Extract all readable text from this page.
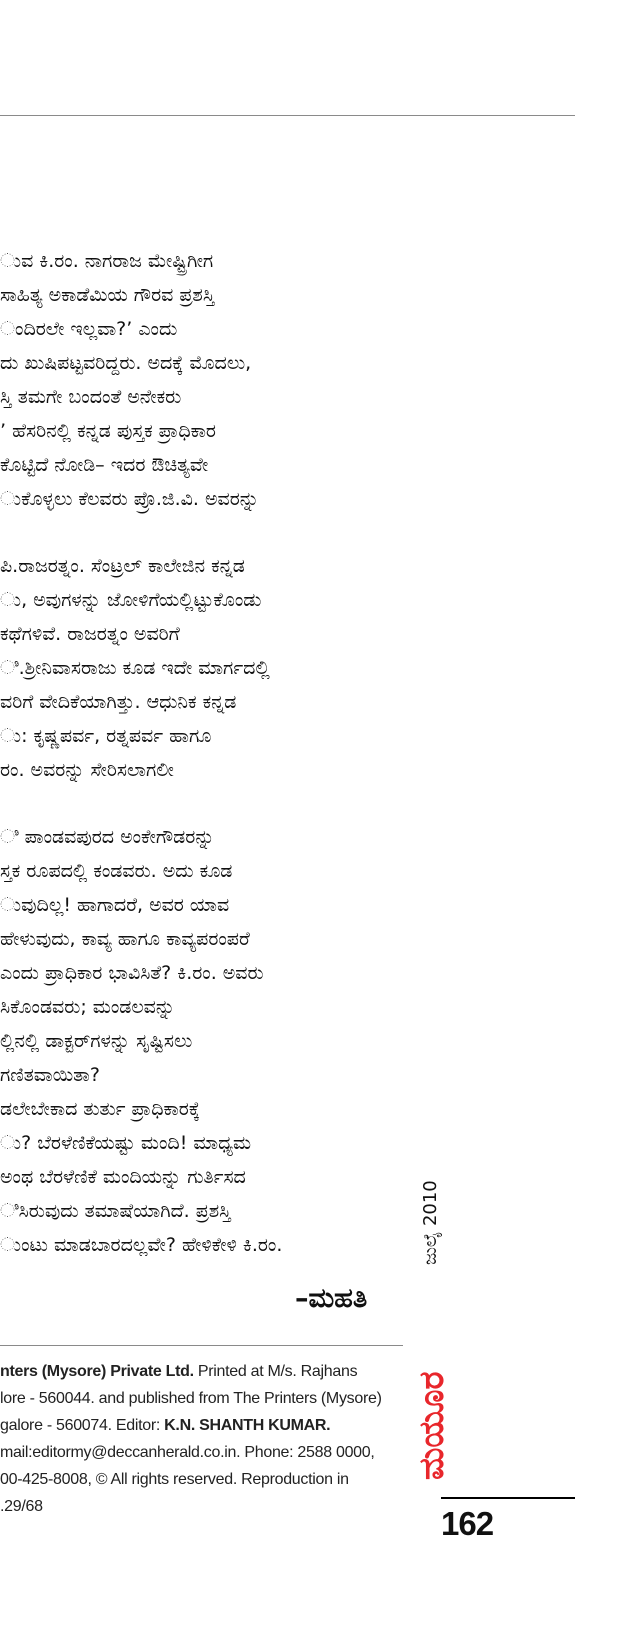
ುವ ಕಿ.ರಂ. ನಾಗರಾಜ ಮೇಷ್ಟ್ರಿಗೀಗ
ಸಾಹಿತ್ಯ ಅಕಾಡೆಮಿಯ ಗೌರವ ಪ್ರಶಸ್ತಿ
ಂದಿರಲೇ ಇಲ್ಲವಾ?’ ಎಂದು
ದು ಖುಷಿಪಟ್ಟವರಿದ್ದರು. ಅದಕ್ಕೆ ಮೊದಲು,
ಸ್ತಿ ತಮಗೇ ಬಂದಂತೆ ಅನೇಕರು
’ ಹೆಸರಿನಲ್ಲಿ ಕನ್ನಡ ಪುಸ್ತಕ ಪ್ರಾಧಿಕಾರ
ಕೊಟ್ಟಿದೆ ನೋಡಿ– ಇದರ ಔಚಿತ್ಯವೇ
ುಕೊಳ್ಳಲು ಕೆಲವರು ಪ್ರೊ.ಜಿ.ವಿ. ಅವರನ್ನು
ಪಿ.ರಾಜರತ್ನಂ. ಸೆಂಟ್ರಲ್ ಕಾಲೇಜಿನ ಕನ್ನಡ
ು, ಅವುಗಳನ್ನು ಜೋಳಿಗೆಯಲ್ಲಿಟ್ಟುಕೊಂಡು
ಕಥೆಗಳಿವೆ. ರಾಜರತ್ನಂ ಅವರಿಗೆ
ಿ.ಶ್ರೀನಿವಾಸರಾಜು ಕೂಡ ಇದೇ ಮಾರ್ಗದಲ್ಲಿ
ವರಿಗೆ ವೇದಿಕೆಯಾಗಿತ್ತು. ಆಧುನಿಕ ಕನ್ನಡ
ು: ಕೃಷ್ಣಪರ್ವ, ರತ್ನಪರ್ವ ಹಾಗೂ
ರಂ. ಅವರನ್ನು ಸೇರಿಸಲಾಗಲೀ
ಿ ಪಾಂಡವಪುರದ ಅಂಕೇಗೌಡರನ್ನು
ಸ್ತಕ ರೂಪದಲ್ಲಿ ಕಂಡವರು. ಅದು ಕೂಡ
ುವುದಿಲ್ಲ! ಹಾಗಾದರೆ, ಅವರ ಯಾವ
ಹೇಳುವುದು, ಕಾವ್ಯ ಹಾಗೂ ಕಾವ್ಯಪರಂಪರೆ
ಎಂದು ಪ್ರಾಧಿಕಾರ ಭಾವಿಸಿತೆ? ಕಿ.ರಂ. ಅವರು
ಸಿಕೊಂಡವರು; ಮಂಡಲವನ್ನು
ಲ್ಲಿನಲ್ಲಿ ಡಾಕ್ಟರ್‌ಗಳನ್ನು ಸೃಷ್ಟಿಸಲು
ಗಣಿತವಾಯಿತಾ?
ಡಲೇಬೇಕಾದ ತುರ್ತು ಪ್ರಾಧಿಕಾರಕ್ಕೆ
ು? ಬೆರಳೆಣಿಕೆಯಷ್ಟು ಮಂದಿ! ಮಾಧ್ಯಮ
ಅಂಥ ಬೆರಳೆಣಿಕೆ ಮಂದಿಯನ್ನು ಗುರ್ತಿಸದ
ಿಸಿರುವುದು ತಮಾಷೆಯಾಗಿದೆ. ಪ್ರಶಸ್ತಿ
ುಂಟು ಮಾಡಬಾರದಲ್ಲವೇ? ಹೇಳಿಕೇಳಿ ಕಿ.ರಂ.
–ಮಹತಿ
nters (Mysore) Private Ltd. Printed at M/s. Rajhans
lore - 560044. and published from The Printers (Mysore)
galore - 560074. Editor: K.N. SHANTH KUMAR.
mail:editormy@deccanherald.co.in. Phone: 2588 0000,
00-425-8008, © All rights reserved. Reproduction in
.29/68
ಜುಲೈ 2010
ಮಯೂರ
162
